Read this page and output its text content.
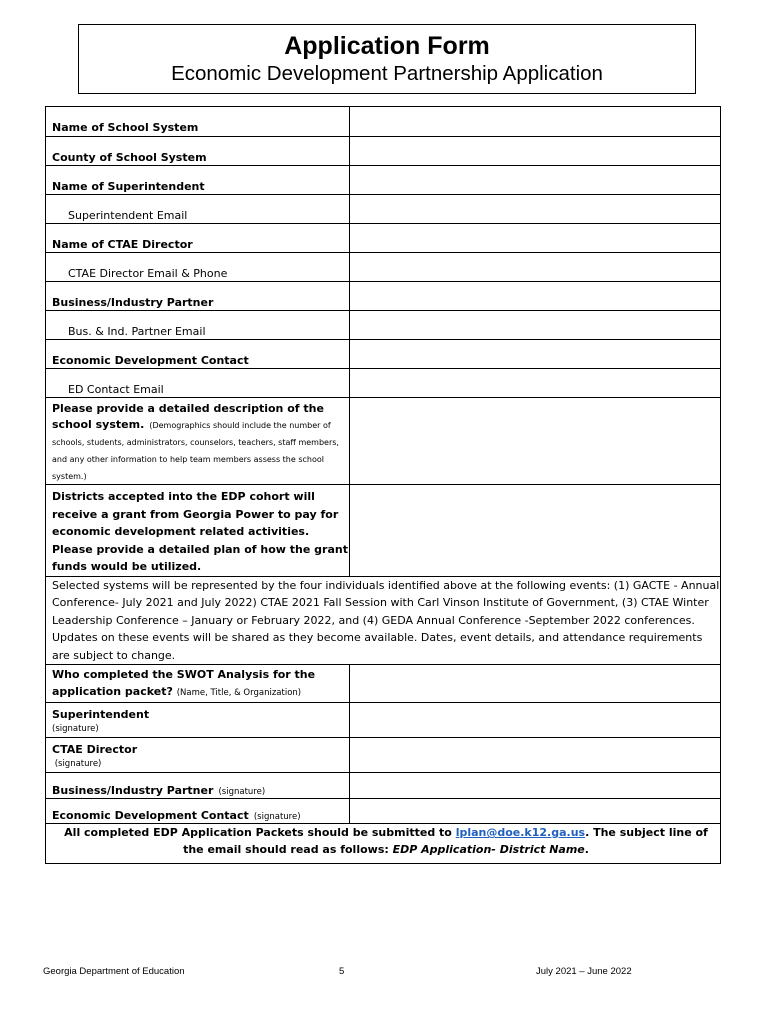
Application Form
Economic Development Partnership Application
Name of School System	
County of School System	
Name of Superintendent	
Superintendent Email	
Name of CTAE Director	
CTAE Director Email & Phone	
Business/Industry Partner	
Bus. & Ind. Partner Email	
Economic Development Contact	
ED Contact Email	
Please provide a detailed description of the school system. (Demographics should include the number of schools, students, administrators, counselors, teachers, staff members, and any other information to help team members assess the school system.)	
Districts accepted into the EDP cohort will receive a grant from Georgia Power to pay for economic development related activities. Please provide a detailed plan of how the grant funds would be utilized.	
Selected systems will be represented by the four individuals identified above at the following events: (1) GACTE - Annual Conference- July 2021 and July 2022) CTAE 2021 Fall Session with Carl Vinson Institute of Government, (3) CTAE Winter Leadership Conference – January or February 2022, and (4) GEDA Annual Conference -September 2022 conferences. Updates on these events will be shared as they become available. Dates, event details, and attendance requirements are subject to change.	
Who completed the SWOT Analysis for the application packet? (Name, Title, & Organization)	

Superintendent
(signature)	

CTAE Director
(signature)	

Business/Industry Partner (signature)	
Economic Development Contact (signature)	
All completed EDP Application Packets should be submitted to lplan@doe.k12.ga.us. The subject line of the email should read as follows: EDP Application- District Name.	
Georgia Department of Education	5	July 2021 – June 2022
